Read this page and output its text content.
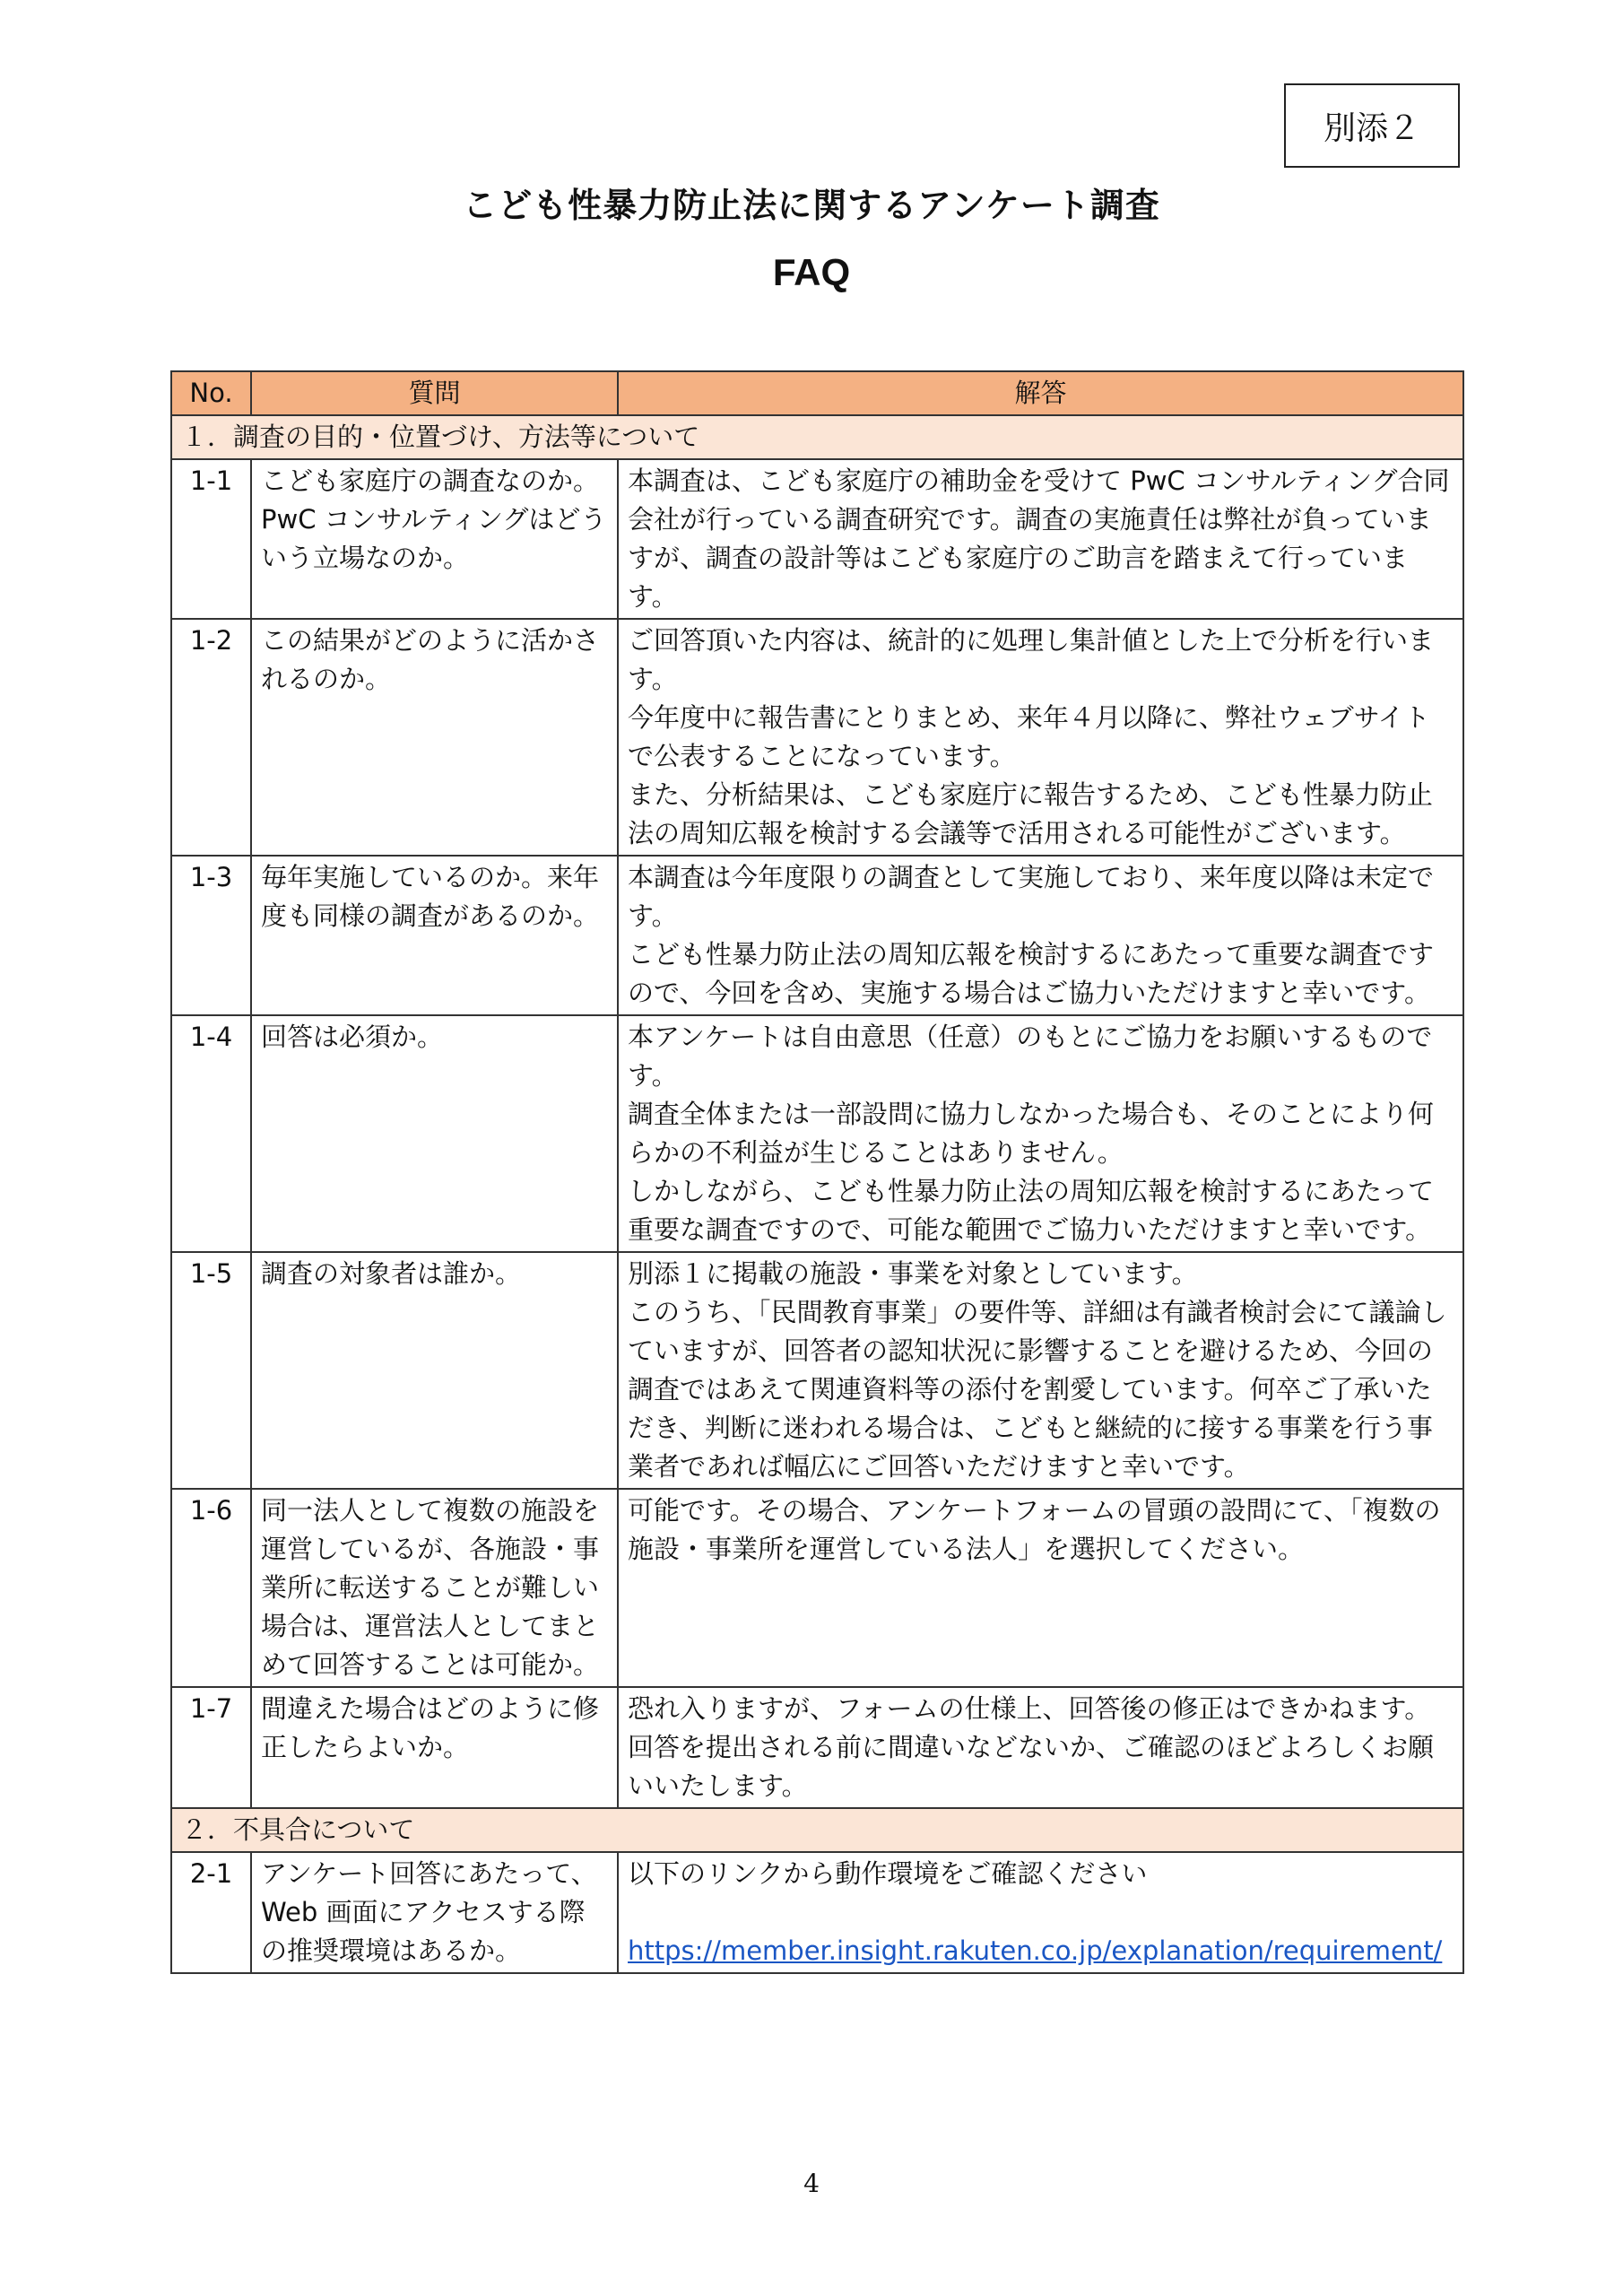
別添２
こども性暴力防止法に関するアンケート調査
FAQ
No.	質問	解答
１．調査の目的・位置づけ、方法等について		
1-1	こども家庭庁の調査なのか。PwC コンサルティングはどういう立場なのか。	本調査は、こども家庭庁の補助金を受けて PwC コンサルティング合同会社が行っている調査研究です。調査の実施責任は弊社が負っていますが、調査の設計等はこども家庭庁のご助言を踏まえて行っています。

1-2	この結果がどのように活かされるのか。	ご回答頂いた内容は、統計的に処理し集計値とした上で分析を行います。
今年度中に報告書にとりまとめ、来年４月以降に、弊社ウェブサイトで公表することになっています。
また、分析結果は、こども家庭庁に報告するため、こども性暴力防止法の周知広報を検討する会議等で活用される可能性がございます。

1-3	毎年実施しているのか。来年度も同様の調査があるのか。	本調査は今年度限りの調査として実施しており、来年度以降は未定です。
こども性暴力防止法の周知広報を検討するにあたって重要な調査ですので、今回を含め、実施する場合はご協力いただけますと幸いです。

1-4	回答は必須か。	本アンケートは自由意思（任意）のもとにご協力をお願いするものです。
調査全体または一部設問に協力しなかった場合も、そのことにより何らかの不利益が生じることはありません。
しかしながら、こども性暴力防止法の周知広報を検討するにあたって重要な調査ですので、可能な範囲でご協力いただけますと幸いです。

1-5	調査の対象者は誰か。	別添１に掲載の施設・事業を対象としています。
このうち、「民間教育事業」の要件等、詳細は有識者検討会にて議論していますが、回答者の認知状況に影響することを避けるため、今回の調査ではあえて関連資料等の添付を割愛しています。何卒ご了承いただき、判断に迷われる場合は、こどもと継続的に接する事業を行う事業者であれば幅広にご回答いただけますと幸いです。

1-6	同一法人として複数の施設を運営しているが、各施設・事業所に転送することが難しい場合は、運営法人としてまとめて回答することは可能か。	可能です。その場合、アンケートフォームの冒頭の設問にて、「複数の施設・事業所を運営している法人」を選択してください。

1-7	間違えた場合はどのように修正したらよいか。	恐れ入りますが、フォームの仕様上、回答後の修正はできかねます。
回答を提出される前に間違いなどないか、ご確認のほどよろしくお願いいたします。

２．不具合について		
2-1	アンケート回答にあたって、Web 画面にアクセスする際の推奨環境はあるか。	以下のリンクから動作環境をご確認ください
https://member.insight.rakuten.co.jp/explanation/requirement/
4
